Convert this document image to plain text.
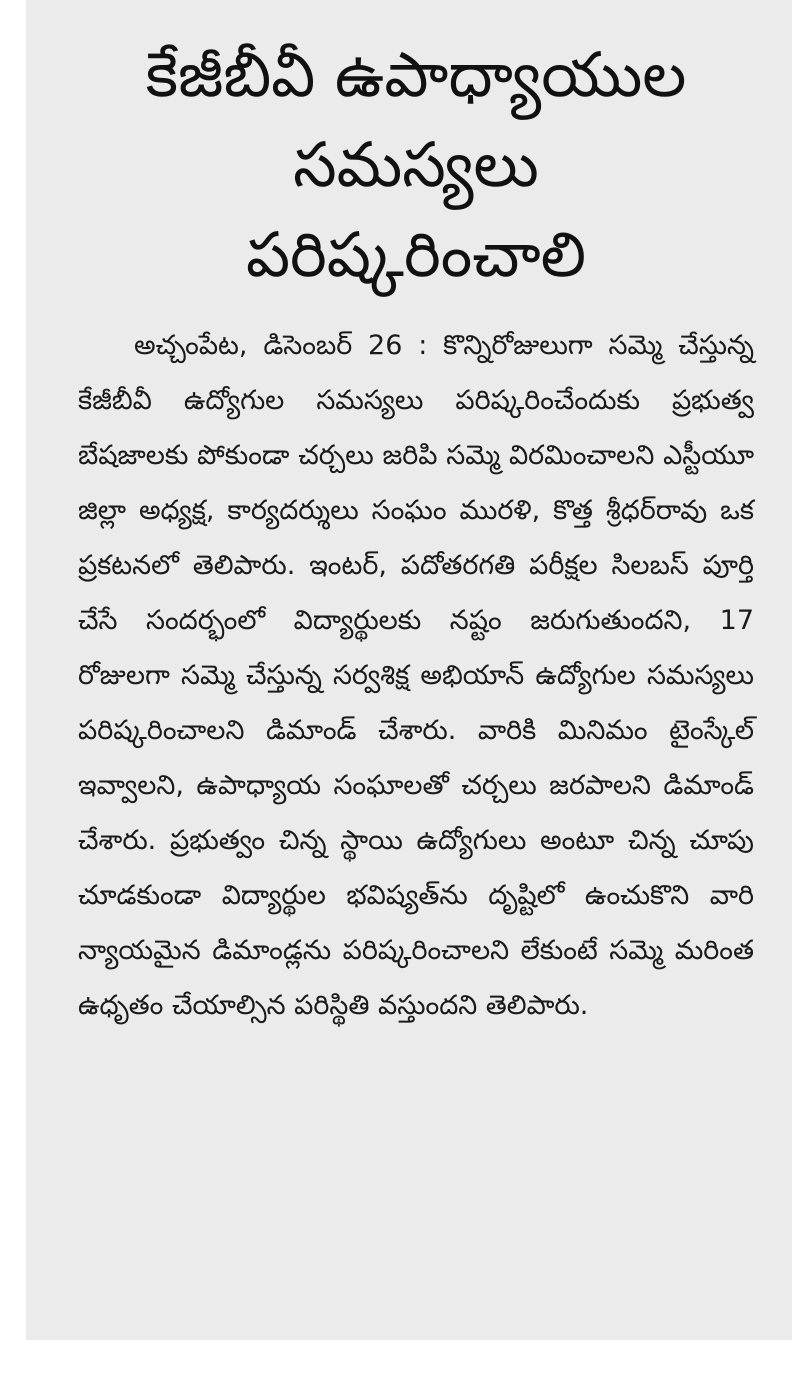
కేజీబీవీ ఉపాధ్యాయుల
సమస్యలు
పరిష్కరించాలి

అచ్చంపేట, డిసెంబర్ 26 : కొన్నిరోజులుగా సమ్మె చేస్తున్న కేజీబీవీ ఉద్యోగుల సమస్యలు పరిష్కరించేందుకు ప్రభుత్వ బేషజాలకు పోకుండా చర్చలు జరిపి సమ్మె విరమించాలని ఎస్టీయూ జిల్లా అధ్యక్ష, కార్యదర్శులు సంఘం మురళి, కొత్త శ్రీధర్‌రావు ఒక ప్రకటనలో తెలిపారు. ఇంటర్, పదోతరగతి పరీక్షల సిలబస్ పూర్తి చేసే సందర్భంలో విద్యార్థులకు నష్టం జరుగుతుందని, 17 రోజులగా సమ్మె చేస్తున్న సర్వశిక్ష అభియాన్ ఉద్యోగుల సమస్యలు పరిష్కరించాలని డిమాండ్ చేశారు. వారికి మినిమం టైంస్కేల్ ఇవ్వాలని, ఉపాధ్యాయ సంఘాలతో చర్చలు జరపాలని డిమాండ్ చేశారు. ప్రభుత్వం చిన్న స్థాయి ఉద్యోగులు అంటూ చిన్న చూపు చూడకుండా విద్యార్థుల భవిష్యత్‌ను దృష్టిలో ఉంచుకొని వారి న్యాయమైన డిమాండ్లను పరిష్కరించాలని లేకుంటే సమ్మె మరింత ఉధృతం చేయాల్సిన పరిస్థితి వస్తుందని తెలిపారు.
